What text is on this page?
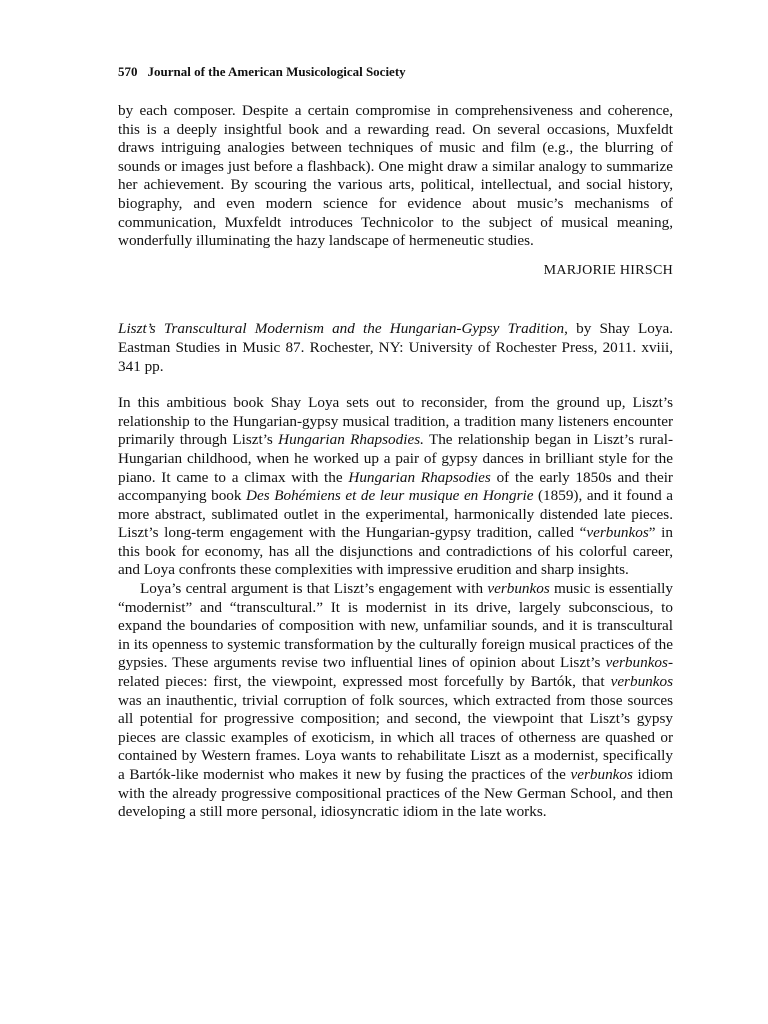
570 Journal of the American Musicological Society

by each composer. Despite a certain compromise in comprehensiveness and coherence, this is a deeply insightful book and a rewarding read. On several occasions, Muxfeldt draws intriguing analogies between techniques of music and film (e.g., the blurring of sounds or images just before a flashback). One might draw a similar analogy to summarize her achievement. By scouring the various arts, political, intellectual, and social history, biography, and even modern science for evidence about music’s mechanisms of communication, Muxfeldt introduces Technicolor to the subject of musical meaning, wonderfully illuminating the hazy landscape of hermeneutic studies.

MARJORIE HIRSCH

Liszt’s Transcultural Modernism and the Hungarian-Gypsy Tradition, by Shay Loya. Eastman Studies in Music 87. Rochester, NY: University of Rochester Press, 2011. xviii, 341 pp.

In this ambitious book Shay Loya sets out to reconsider, from the ground up, Liszt’s relationship to the Hungarian-gypsy musical tradition, a tradition many listeners encounter primarily through Liszt’s Hungarian Rhapsodies. The relationship began in Liszt’s rural-Hungarian childhood, when he worked up a pair of gypsy dances in brilliant style for the piano. It came to a climax with the Hungarian Rhapsodies of the early 1850s and their accompanying book Des Bohémiens et de leur musique en Hongrie (1859), and it found a more abstract, sublimated outlet in the experimental, harmonically distended late pieces. Liszt’s long-term engagement with the Hungarian-gypsy tradition, called “verbunkos” in this book for economy, has all the disjunctions and contradictions of his colorful career, and Loya confronts these complexities with impressive erudition and sharp insights.

Loya’s central argument is that Liszt’s engagement with verbunkos music is essentially “modernist” and “transcultural.” It is modernist in its drive, largely subconscious, to expand the boundaries of composition with new, unfamiliar sounds, and it is transcultural in its openness to systemic transformation by the culturally foreign musical practices of the gypsies. These arguments revise two influential lines of opinion about Liszt’s verbunkos-related pieces: first, the viewpoint, expressed most forcefully by Bartók, that verbunkos was an inauthentic, trivial corruption of folk sources, which extracted from those sources all potential for progressive composition; and second, the viewpoint that Liszt’s gypsy pieces are classic examples of exoticism, in which all traces of otherness are quashed or contained by Western frames. Loya wants to rehabilitate Liszt as a modernist, specifically a Bartók-like modernist who makes it new by fusing the practices of the verbunkos idiom with the already progressive compositional practices of the New German School, and then developing a still more personal, idiosyncratic idiom in the late works.
